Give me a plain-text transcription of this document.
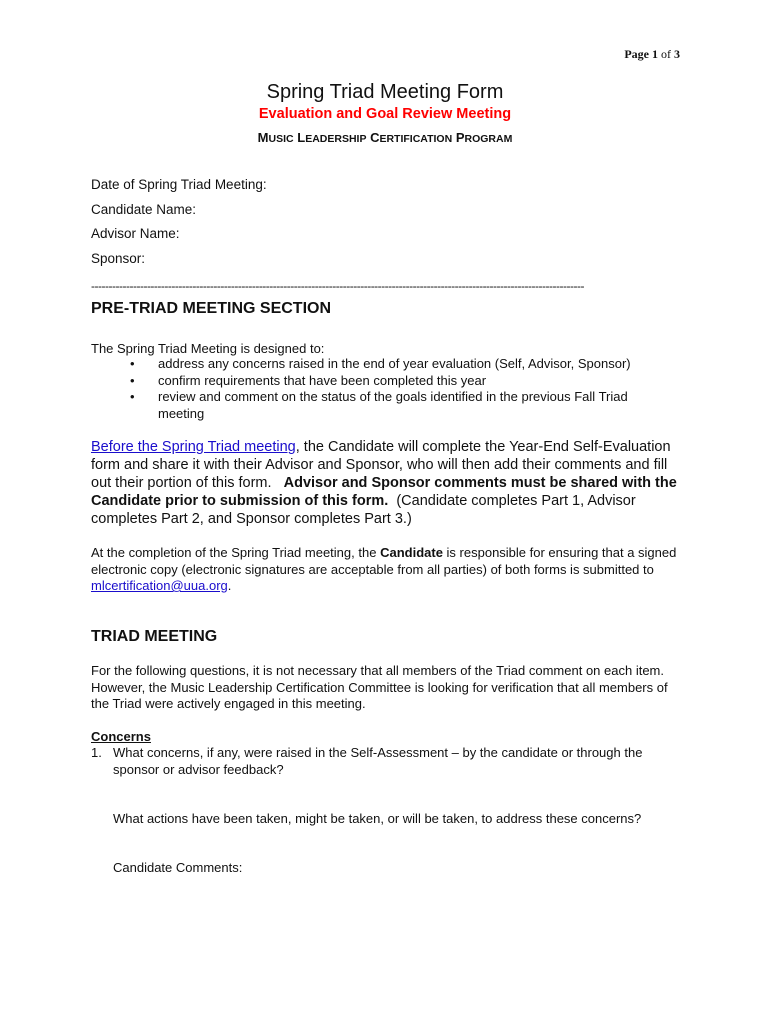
Page 1 of 3
Spring Triad Meeting Form
Evaluation and Goal Review Meeting
MUSIC LEADERSHIP CERTIFICATION PROGRAM
Date of Spring Triad Meeting:
Candidate Name:
Advisor Name:
Sponsor:
---------------------------------------------------------------------------------------------------------------------------------------------
PRE-TRIAD MEETING SECTION
The Spring Triad Meeting is designed to:
• address any concerns raised in the end of year evaluation (Self, Advisor, Sponsor)
• confirm requirements that have been completed this year
• review and comment on the status of the goals identified in the previous Fall Triad meeting
Before the Spring Triad meeting, the Candidate will complete the Year-End Self-Evaluation form and share it with their Advisor and Sponsor, who will then add their comments and fill out their portion of this form. Advisor and Sponsor comments must be shared with the Candidate prior to submission of this form. (Candidate completes Part 1, Advisor completes Part 2, and Sponsor completes Part 3.)
At the completion of the Spring Triad meeting, the Candidate is responsible for ensuring that a signed electronic copy (electronic signatures are acceptable from all parties) of both forms is submitted to mlcertification@uua.org.
TRIAD MEETING
For the following questions, it is not necessary that all members of the Triad comment on each item. However, the Music Leadership Certification Committee is looking for verification that all members of the Triad were actively engaged in this meeting.
Concerns
1. What concerns, if any, were raised in the Self-Assessment – by the candidate or through the sponsor or advisor feedback?
What actions have been taken, might be taken, or will be taken, to address these concerns?
Candidate Comments:
